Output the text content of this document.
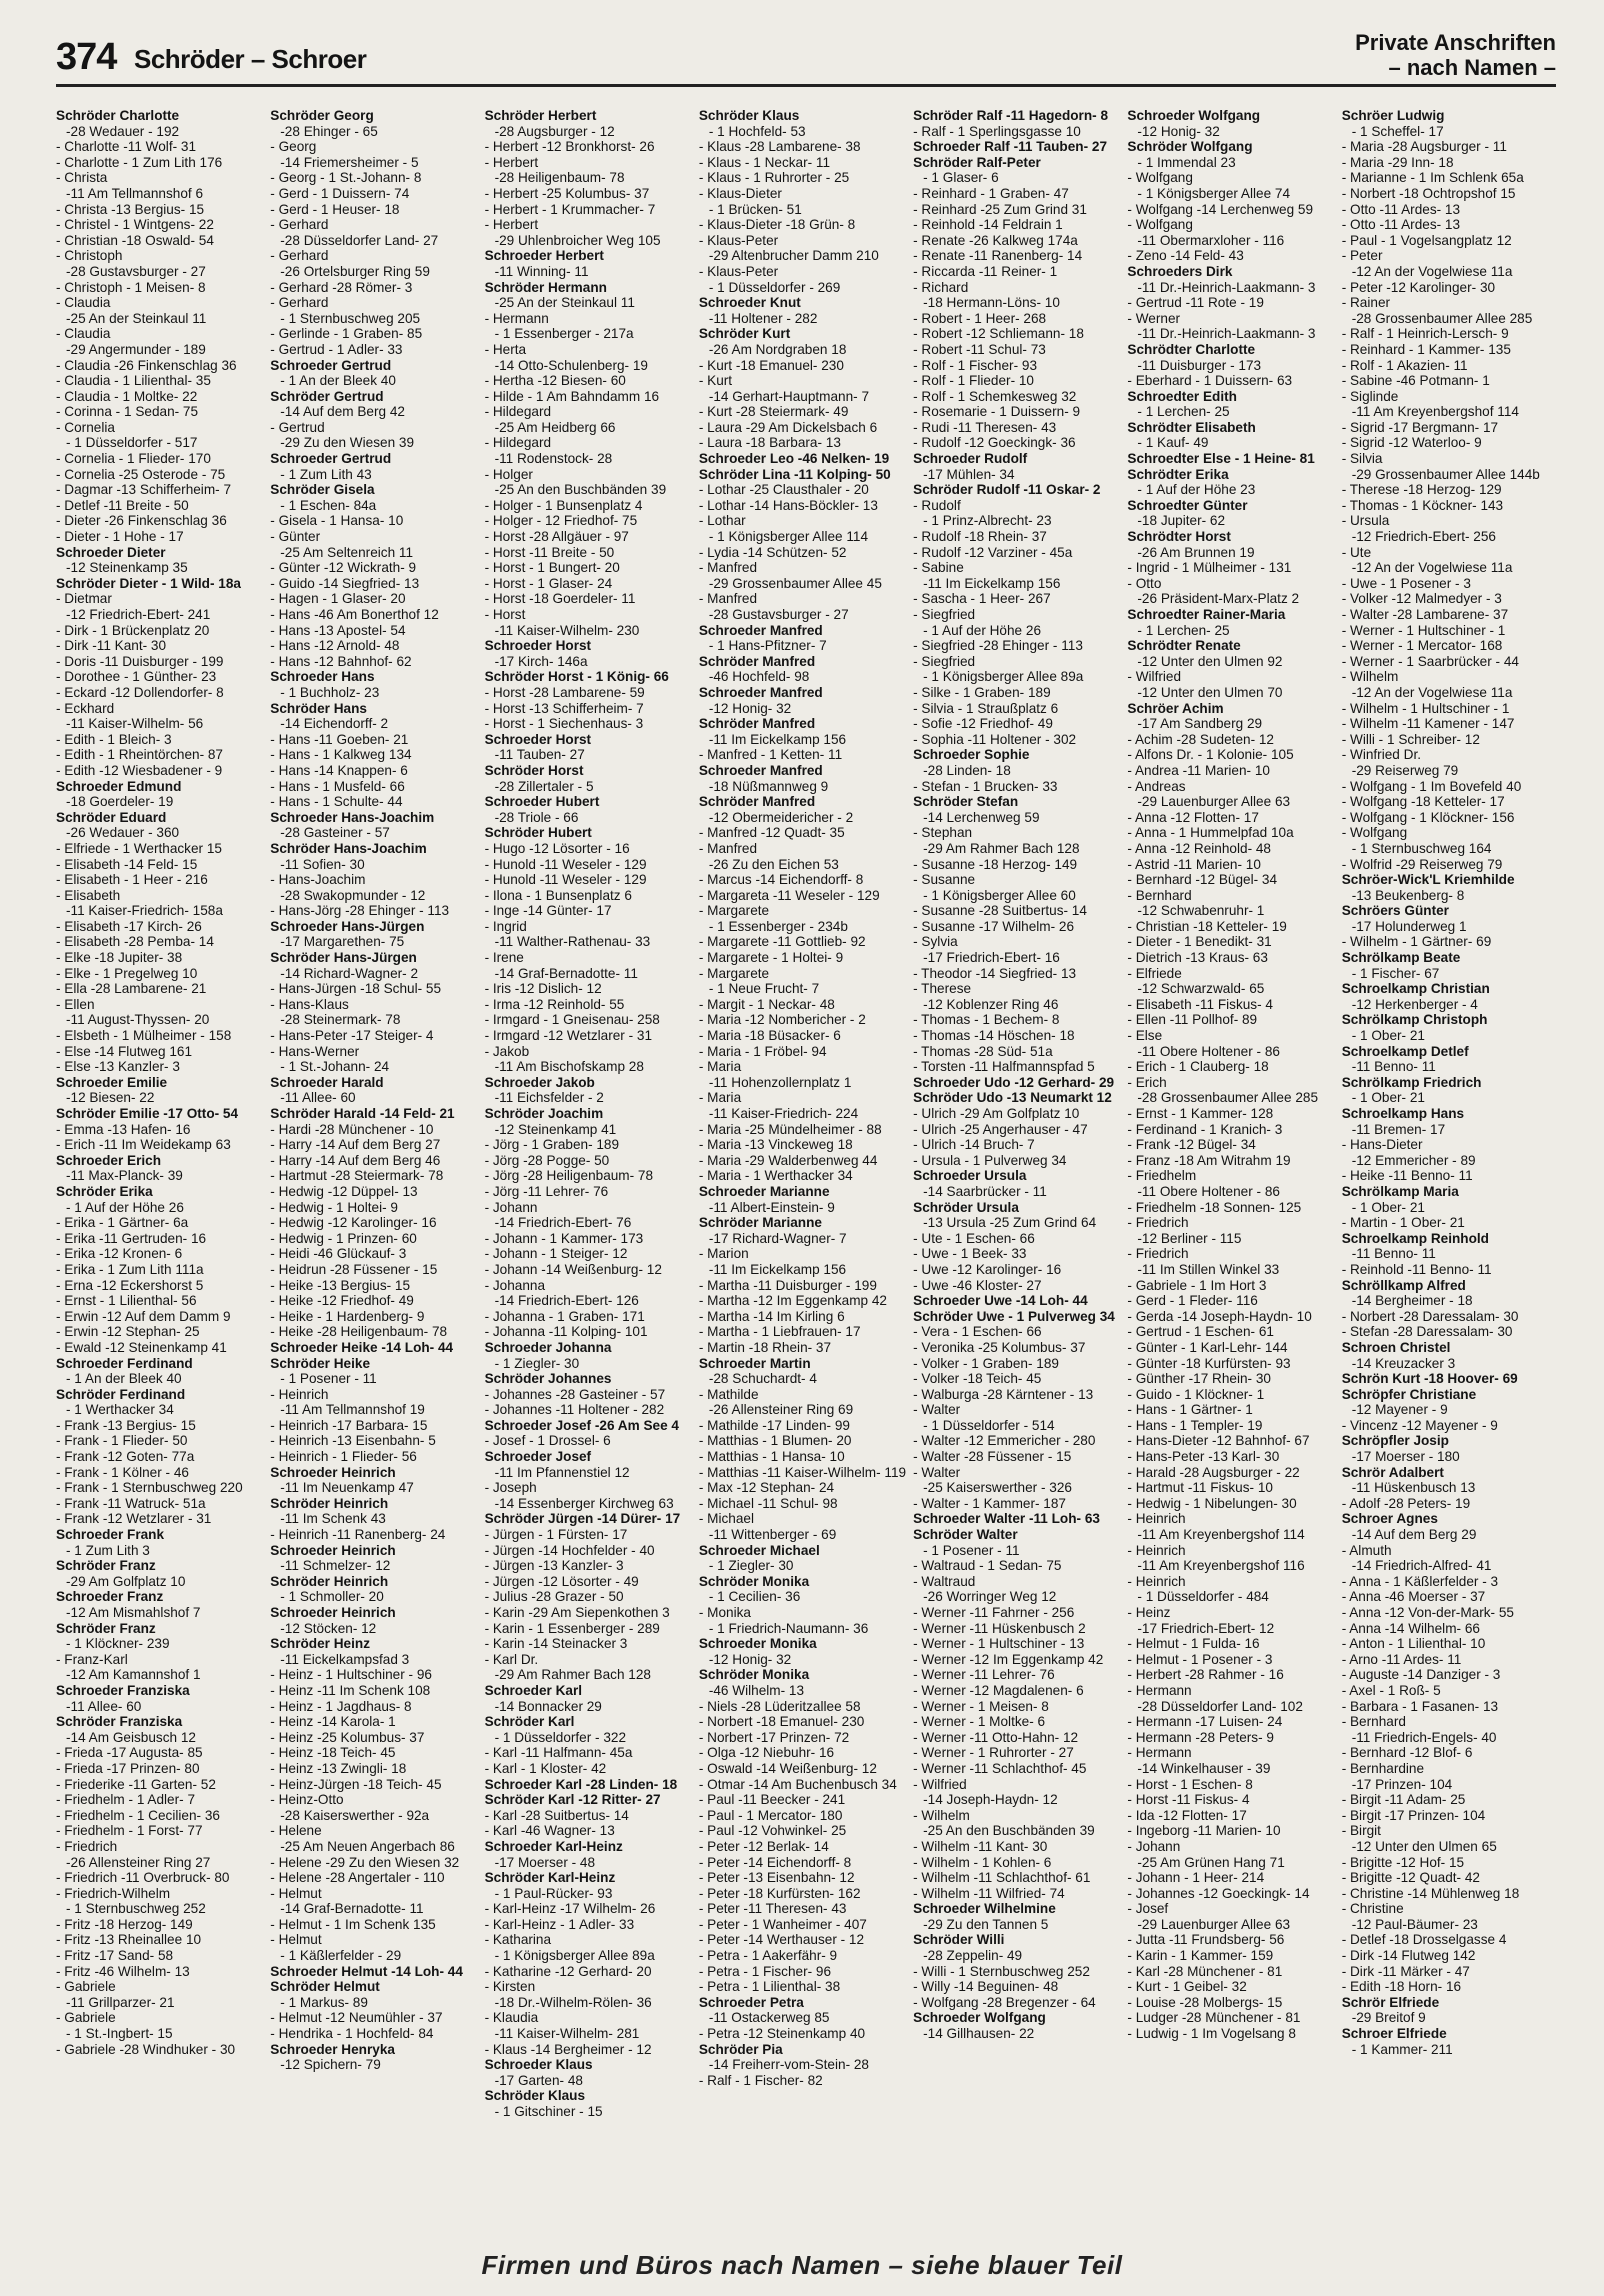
374 Schröder – Schroer
Private Anschriften
– nach Namen –
Schröder Charlotte
-28 Wedauer - 192
- Charlotte -11 Wolf- 31
- Charlotte - 1 Zum Lith 176
- Christa
-11 Am Tellmannshof 6
- Christa -13 Bergius- 15
- Christel - 1 Wintgens- 22
- Christian -18 Oswald- 54
- Christoph
-28 Gustavsburger - 27
- Christoph - 1 Meisen- 8
- Claudia
-25 An der Steinkaul 11
- Claudia
-29 Angermunder - 189
- Claudia -26 Finkenschlag 36
- Claudia - 1 Lilienthal- 35
- Claudia - 1 Moltke- 22
- Corinna - 1 Sedan- 75
- Cornelia
- 1 Düsseldorfer - 517
- Cornelia - 1 Flieder- 170
- Cornelia -25 Osterode - 75
- Dagmar -13 Schifferheim- 7
- Detlef -11 Breite - 50
- Dieter -26 Finkenschlag 36
- Dieter - 1 Hohe - 17
Schroeder Dieter
-12 Steinenkamp 35
Schröder Dieter - 1 Wild- 18a
- Dietmar
-12 Friedrich-Ebert- 241
- Dirk - 1 Brückenplatz 20
- Dirk -11 Kant- 30
- Doris -11 Duisburger - 199
- Dorothee - 1 Günther- 23
- Eckard -12 Dollendorfer- 8
- Eckhard
-11 Kaiser-Wilhelm- 56
- Edith - 1 Bleich- 3
- Edith - 1 Rheintörchen- 87
- Edith -12 Wiesbadener - 9
Schroeder Edmund
-18 Goerdeler- 19
Schröder Eduard
-26 Wedauer - 360
- Elfriede - 1 Werthacker 15
- Elisabeth -14 Feld- 15
- Elisabeth - 1 Heer - 216
- Elisabeth
-11 Kaiser-Friedrich- 158a
- Elisabeth -17 Kirch- 26
- Elisabeth -28 Pemba- 14
- Elke -18 Jupiter- 38
- Elke - 1 Pregelweg 10
- Ella -28 Lambarene- 21
- Ellen
-11 August-Thyssen- 20
- Elsbeth - 1 Mülheimer - 158
- Else -14 Flutweg 161
- Else -13 Kanzler- 3
Schroeder Emilie
-12 Biesen- 22
Schröder Emilie -17 Otto- 54
- Emma -13 Hafen- 16
- Erich -11 Im Weidekamp 63
Schroeder Erich
-11 Max-Planck- 39
Schröder Erika
- 1 Auf der Höhe 26
- Erika - 1 Gärtner- 6a
- Erika -11 Gertruden- 16
- Erika -12 Kronen- 6
- Erika - 1 Zum Lith 111a
- Erna -12 Eckershorst 5
- Ernst - 1 Lilienthal- 56
- Erwin -12 Auf dem Damm 9
- Erwin -12 Stephan- 25
- Ewald -12 Steinenkamp 41
Schroeder Ferdinand
- 1 An der Bleek 40
Schröder Ferdinand
- 1 Werthacker 34
- Frank -13 Bergius- 15
- Frank - 1 Flieder- 50
- Frank -12 Goten- 77a
- Frank - 1 Kölner - 46
- Frank - 1 Sternbuschweg 220
- Frank -11 Watruck- 51a
- Frank -12 Wetzlarer - 31
Schroeder Frank
- 1 Zum Lith 3
Schröder Franz
-29 Am Golfplatz 10
Schroeder Franz
-12 Am Mismahlshof 7
Schröder Franz
- 1 Klöckner- 239
- Franz-Karl
-12 Am Kamannshof 1
Schroeder Franziska
-11 Allee- 60
Schröder Franziska
-14 Am Geisbusch 12
- Frieda -17 Augusta- 85
- Frieda -17 Prinzen- 80
- Friederike -11 Garten- 52
- Friedhelm - 1 Adler- 7
- Friedhelm - 1 Cecilien- 36
- Friedhelm - 1 Forst- 77
- Friedrich
-26 Allensteiner Ring 27
- Friedrich -11 Overbruck- 80
- Friedrich-Wilhelm
- 1 Sternbuschweg 252
- Fritz -18 Herzog- 149
- Fritz -13 Rheinallee 10
- Fritz -17 Sand- 58
- Fritz -46 Wilhelm- 13
- Gabriele
-11 Grillparzer- 21
- Gabriele
- 1 St.-Ingbert- 15
- Gabriele -28 Windhuker - 30
Schröder Georg
-28 Ehinger - 65
- Georg
-14 Friemersheimer - 5
- Georg - 1 St.-Johann- 8
- Gerd - 1 Duissern- 74
- Gerd - 1 Heuser- 18
- Gerhard
-28 Düsseldorfer Land- 27
- Gerhard
-26 Ortelsburger Ring 59
- Gerhard -28 Römer- 3
- Gerhard
- 1 Sternbuschweg 205
- Gerlinde - 1 Graben- 85
- Gertrud - 1 Adler- 33
Schroeder Gertrud
- 1 An der Bleek 40
Schröder Gertrud
-14 Auf dem Berg 42
- Gertrud
-29 Zu den Wiesen 39
Schroeder Gertrud
- 1 Zum Lith 43
Schröder Gisela
- 1 Eschen- 84a
- Gisela - 1 Hansa- 10
- Günter
-25 Am Seltenreich 11
- Günter -12 Wickrath- 9
- Guido -14 Siegfried- 13
- Hagen - 1 Glaser- 20
- Hans -46 Am Bonerthof 12
- Hans -13 Apostel- 54
- Hans -12 Arnold- 48
- Hans -12 Bahnhof- 62
Schroeder Hans
- 1 Buchholz- 23
Schröder Hans
-14 Eichendorff- 2
- Hans -11 Goeben- 21
- Hans - 1 Kalkweg 134
- Hans -14 Knappen- 6
- Hans - 1 Musfeld- 66
- Hans - 1 Schulte- 44
Schroeder Hans-Joachim
-28 Gasteiner - 57
Schröder Hans-Joachim
-11 Sofien- 30
- Hans-Joachim
-28 Swakopmunder - 12
- Hans-Jörg -28 Ehinger - 113
Schroeder Hans-Jürgen
-17 Margarethen- 75
Schröder Hans-Jürgen
-14 Richard-Wagner- 2
- Hans-Jürgen -18 Schul- 55
- Hans-Klaus
-28 Steinermark- 78
- Hans-Peter -17 Steiger- 4
- Hans-Werner
- 1 St.-Johann- 24
Schroeder Harald
-11 Allee- 60
Schröder Harald -14 Feld- 21
- Hardi -28 Münchener - 10
- Harry -14 Auf dem Berg 27
- Harry -14 Auf dem Berg 46
- Hartmut -28 Steiermark- 78
- Hedwig -12 Düppel- 13
- Hedwig - 1 Holtei- 9
- Hedwig -12 Karolinger- 16
- Hedwig - 1 Prinzen- 60
- Heidi -46 Glückauf- 3
- Heidrun -28 Füssener - 15
- Heike -13 Bergius- 15
- Heike -12 Friedhof- 49
- Heike - 1 Hardenberg- 9
- Heike -28 Heiligenbaum- 78
Schroeder Heike -14 Loh- 44
Schröder Heike
- 1 Posener - 11
- Heinrich
-11 Am Tellmannshof 19
- Heinrich -17 Barbara- 15
- Heinrich -13 Eisenbahn- 5
- Heinrich - 1 Flieder- 56
Schroeder Heinrich
-11 Im Neuenkamp 47
Schröder Heinrich
-11 Im Schenk 43
- Heinrich -11 Ranenberg- 24
Schroeder Heinrich
-11 Schmelzer- 12
Schröder Heinrich
- 1 Schmoller- 20
Schroeder Heinrich
-12 Stöcken- 12
Schröder Heinz
-11 Eickelkampsfad 3
- Heinz - 1 Hultschiner - 96
- Heinz -11 Im Schenk 108
- Heinz - 1 Jagdhaus- 8
- Heinz -14 Karola- 1
- Heinz -25 Kolumbus- 37
- Heinz -18 Teich- 45
- Heinz -13 Zwingli- 18
- Heinz-Jürgen -18 Teich- 45
- Heinz-Otto
-28 Kaiserswerther - 92a
- Helene
-25 Am Neuen Angerbach 86
- Helene -29 Zu den Wiesen 32
- Helene -28 Angertaler - 110
- Helmut
-14 Graf-Bernadotte- 11
- Helmut - 1 Im Schenk 135
- Helmut
- 1 Käßlerfelder - 29
Schroeder Helmut -14 Loh- 44
Schröder Helmut
- 1 Markus- 89
- Helmut -12 Neumühler - 37
- Hendrika - 1 Hochfeld- 84
Schroeder Henryka
-12 Spichern- 79
Schröder Herbert
-28 Augsburger - 12
- Herbert -12 Bronkhorst- 26
- Herbert
-28 Heiligenbaum- 78
- Herbert -25 Kolumbus- 37
- Herbert - 1 Krummacher- 7
- Herbert
-29 Uhlenbroicher Weg 105
Schroeder Herbert
-11 Winning- 11
Schröder Hermann
-25 An der Steinkaul 11
- Hermann
- 1 Essenberger - 217a
- Herta
-14 Otto-Schulenberg- 19
- Hertha -12 Biesen- 60
- Hilde - 1 Am Bahndamm 16
- Hildegard
-25 Am Heidberg 66
- Hildegard
-11 Rodenstock- 28
- Holger
-25 An den Buschbänden 39
- Holger - 1 Bunsenplatz 4
- Holger - 12 Friedhof- 75
- Horst -28 Allgäuer - 97
- Horst -11 Breite - 50
- Horst - 1 Bungert- 20
- Horst - 1 Glaser- 24
- Horst -18 Goerdeler- 11
- Horst
-11 Kaiser-Wilhelm- 230
Schroeder Horst
-17 Kirch- 146a
Schröder Horst - 1 König- 66
- Horst -28 Lambarene- 59
- Horst -13 Schifferheim- 7
- Horst - 1 Siechenhaus- 3
Schroeder Horst
-11 Tauben- 27
Schröder Horst
-28 Zillertaler - 5
Schroeder Hubert
-28 Triole - 66
Schröder Hubert
- Hugo -12 Lösorter - 16
- Hunold -11 Weseler - 129
- Hunold -11 Weseler - 129
- Ilona - 1 Bunsenplatz 6
- Inge -14 Günter- 17
- Ingrid
-11 Walther-Rathenau- 33
- Irene
-14 Graf-Bernadotte- 11
- Iris -12 Dislich- 12
- Irma -12 Reinhold- 55
- Irmgard - 1 Gneisenau- 258
- Irmgard -12 Wetzlarer - 31
- Jakob
-11 Am Bischofskamp 28
Schroeder Jakob
-11 Eichsfelder - 2
Schröder Joachim
-12 Steinenkamp 41
- Jörg - 1 Graben- 189
- Jörg -28 Pogge- 50
- Jörg -28 Heiligenbaum- 78
- Jörg -11 Lehrer- 76
- Johann
-14 Friedrich-Ebert- 76
- Johann - 1 Kammer- 173
- Johann - 1 Steiger- 12
- Johann -14 Weißenburg- 12
- Johanna
-14 Friedrich-Ebert- 126
- Johanna - 1 Graben- 171
- Johanna -11 Kolping- 101
Schroeder Johanna
- 1 Ziegler- 30
Schröder Johannes
- Johannes -28 Gasteiner - 57
- Johannes -11 Holtener - 282
Schroeder Josef -26 Am See 4
- Josef - 1 Drossel- 6
Schroeder Josef
-11 Im Pfannenstiel 12
- Joseph
-14 Essenberger Kirchweg 63
Schröder Jürgen -14 Dürer- 17
- Jürgen - 1 Fürsten- 17
- Jürgen -14 Hochfelder - 40
- Jürgen -13 Kanzler- 3
- Jürgen -12 Lösorter - 49
- Julius -28 Grazer - 50
- Karin -29 Am Siepenkothen 3
- Karin - 1 Essenberger - 289
- Karin -14 Steinacker 3
- Karl Dr.
-29 Am Rahmer Bach 128
Schroeder Karl
-14 Bonnacker 29
Schröder Karl
- 1 Düsseldorfer - 322
- Karl -11 Halfmann- 45a
- Karl - 1 Kloster- 42
Schroeder Karl -28 Linden- 18
Schröder Karl -12 Ritter- 27
- Karl -28 Suitbertus- 14
- Karl -46 Wagner- 13
Schroeder Karl-Heinz
-17 Moerser - 48
Schröder Karl-Heinz
- 1 Paul-Rücker- 93
- Karl-Heinz -17 Wilhelm- 26
- Karl-Heinz - 1 Adler- 33
- Katharina
- 1 Königsberger Allee 89a
- Katharine -12 Gerhard- 20
- Kirsten
-18 Dr.-Wilhelm-Rölen- 36
- Klaudia
-11 Kaiser-Wilhelm- 281
- Klaus -14 Bergheimer - 12
Schroeder Klaus
-17 Garten- 48
Schröder Klaus
- 1 Gitschiner - 15
Schröder Klaus
- 1 Hochfeld- 53
- Klaus -28 Lambarene- 38
- Klaus - 1 Neckar- 11
- Klaus - 1 Ruhrorter - 25
- Klaus-Dieter
- 1 Brücken- 51
- Klaus-Dieter -18 Grün- 8
- Klaus-Peter
-29 Altenbrucher Damm 210
- Klaus-Peter
- 1 Düsseldorfer - 269
Schroeder Knut
-11 Holtener - 282
Schröder Kurt
-26 Am Nordgraben 18
- Kurt -18 Emanuel- 230
- Kurt
-14 Gerhart-Hauptmann- 7
- Kurt -28 Steiermark- 49
- Laura -29 Am Dickelsbach 6
- Laura -18 Barbara- 13
Schroeder Leo -46 Nelken- 19
Schröder Lina -11 Kolping- 50
- Lothar -25 Clausthaler - 20
- Lothar -14 Hans-Böckler- 13
- Lothar
- 1 Königsberger Allee 114
- Lydia -14 Schützen- 52
- Manfred
-29 Grossenbaumer Allee 45
- Manfred
-28 Gustavsburger - 27
Schroeder Manfred
- 1 Hans-Pfitzner- 7
Schröder Manfred
-46 Hochfeld- 98
Schroeder Manfred
-12 Honig- 32
Schröder Manfred
-11 Im Eickelkamp 156
- Manfred - 1 Ketten- 11
Schroeder Manfred
-18 Nüßmannweg 9
Schröder Manfred
-12 Obermeidericher - 2
- Manfred -12 Quadt- 35
- Manfred
-26 Zu den Eichen 53
- Marcus -14 Eichendorff- 8
- Margareta -11 Weseler - 129
- Margarete
- 1 Essenberger - 234b
- Margarete -11 Gottlieb- 92
- Margarete - 1 Holtei- 9
- Margarete
- 1 Neue Frucht- 7
- Margit - 1 Neckar- 48
- Maria -12 Nombericher - 2
- Maria -18 Büsacker- 6
- Maria - 1 Fröbel- 94
- Maria
-11 Hohenzollernplatz 1
- Maria
-11 Kaiser-Friedrich- 224
- Maria -25 Mündelheimer - 88
- Maria -13 Vinckeweg 18
- Maria -29 Walderbenweg 44
- Maria - 1 Werthacker 34
Schroeder Marianne
-11 Albert-Einstein- 9
Schröder Marianne
-17 Richard-Wagner- 7
- Marion
-11 Im Eickelkamp 156
- Martha -11 Duisburger - 199
- Martha -12 Im Eggenkamp 42
- Martha -14 Im Kirling 6
- Martha - 1 Liebfrauen- 17
- Martin -18 Rhein- 37
Schroeder Martin
-28 Schuchardt- 4
- Mathilde
-26 Allensteiner Ring 69
- Mathilde -17 Linden- 99
- Matthias - 1 Blumen- 20
- Matthias - 1 Hansa- 10
- Matthias -11 Kaiser-Wilhelm- 119
- Max -12 Stephan- 24
- Michael -11 Schul- 98
- Michael
-11 Wittenberger - 69
Schroeder Michael
- 1 Ziegler- 30
Schröder Monika
- 1 Cecilien- 36
- Monika
- 1 Friedrich-Naumann- 36
Schroeder Monika
-12 Honig- 32
Schröder Monika
-46 Wilhelm- 13
- Niels -28 Lüderitzallee 58
- Norbert -18 Emanuel- 230
- Norbert -17 Prinzen- 72
- Olga -12 Niebuhr- 16
- Oswald -14 Weißenburg- 12
- Otmar -14 Am Buchenbusch 34
- Paul -11 Beecker - 241
- Paul - 1 Mercator- 180
- Paul -12 Vohwinkel- 25
- Peter -12 Berlak- 14
- Peter -14 Eichendorff- 8
- Peter -13 Eisenbahn- 12
- Peter -18 Kurfürsten- 162
- Peter -11 Theresen- 43
- Peter - 1 Wanheimer - 407
- Peter -14 Werthauser - 12
- Petra - 1 Aakerfähr- 9
- Petra - 1 Fischer- 96
- Petra - 1 Lilienthal- 38
Schroeder Petra
-11 Ostackerweg 85
- Petra -12 Steinenkamp 40
Schröder Pia
-14 Freiherr-vom-Stein- 28
- Ralf - 1 Fischer- 82
Schröder Ralf -11 Hagedorn- 8
- Ralf - 1 Sperlingsgasse 10
Schroeder Ralf -11 Tauben- 27
Schröder Ralf-Peter
- 1 Glaser- 6
- Reinhard - 1 Graben- 47
- Reinhard -25 Zum Grind 31
- Reinhold -14 Feldrain 1
- Renate -26 Kalkweg 174a
- Renate -11 Ranenberg- 14
- Riccarda -11 Reiner- 1
- Richard
-18 Hermann-Löns- 10
- Robert - 1 Heer- 268
- Robert -12 Schliemann- 18
- Robert -11 Schul- 73
- Rolf - 1 Fischer- 93
- Rolf - 1 Flieder- 10
- Rolf - 1 Schemkesweg 32
- Rosemarie - 1 Duissern- 9
- Rudi -11 Theresen- 43
- Rudolf -12 Goeckingk- 36
Schroeder Rudolf
-17 Mühlen- 34
Schröder Rudolf -11 Oskar- 2
- Rudolf
- 1 Prinz-Albrecht- 23
- Rudolf -18 Rhein- 37
- Rudolf -12 Varziner - 45a
- Sabine
-11 Im Eickelkamp 156
- Sascha - 1 Heer- 267
- Siegfried
- 1 Auf der Höhe 26
- Siegfried -28 Ehinger - 113
- Siegfried
- 1 Königsberger Allee 89a
- Silke - 1 Graben- 189
- Silvia - 1 Straußplatz 6
- Sofie -12 Friedhof- 49
- Sophia -11 Holtener - 302
Schroeder Sophie
-28 Linden- 18
- Stefan - 1 Brucken- 33
Schröder Stefan
-14 Lerchenweg 59
- Stephan
-29 Am Rahmer Bach 128
- Susanne -18 Herzog- 149
- Susanne
- 1 Königsberger Allee 60
- Susanne -28 Suitbertus- 14
- Susanne -17 Wilhelm- 26
- Sylvia
-17 Friedrich-Ebert- 16
- Theodor -14 Siegfried- 13
- Therese
-12 Koblenzer Ring 46
- Thomas - 1 Bechem- 8
- Thomas -14 Höschen- 18
- Thomas -28 Süd- 51a
- Torsten -11 Halfmannspfad 5
Schroeder Udo -12 Gerhard- 29
Schröder Udo -13 Neumarkt 12
- Ulrich -29 Am Golfplatz 10
- Ulrich -25 Angerhauser - 47
- Ulrich -14 Bruch- 7
- Ursula - 1 Pulverweg 34
Schroeder Ursula
-14 Saarbrücker - 11
Schröder Ursula
-13 Ursula -25 Zum Grind 64
- Ute - 1 Eschen- 66
- Uwe - 1 Beek- 33
- Uwe -12 Karolinger- 16
- Uwe -46 Kloster- 27
Schroeder Uwe -14 Loh- 44
Schröder Uwe - 1 Pulverweg 34
- Vera - 1 Eschen- 66
- Veronika -25 Kolumbus- 37
- Volker - 1 Graben- 189
- Volker -18 Teich- 45
- Walburga -28 Kärntener - 13
- Walter
- 1 Düsseldorfer - 514
- Walter -12 Emmericher - 280
- Walter -28 Füssener - 15
- Walter
-25 Kaiserswerther - 326
- Walter - 1 Kammer- 187
Schroeder Walter -11 Loh- 63
Schröder Walter
- 1 Posener - 11
- Waltraud - 1 Sedan- 75
- Waltraud
-26 Worringer Weg 12
- Werner -11 Fahrner - 256
- Werner -11 Hüskenbusch 2
- Werner - 1 Hultschiner - 13
- Werner -12 Im Eggenkamp 42
- Werner -11 Lehrer- 76
- Werner -12 Magdalenen- 6
- Werner - 1 Meisen- 8
- Werner - 1 Moltke- 6
- Werner -11 Otto-Hahn- 12
- Werner - 1 Ruhrorter - 27
- Werner -11 Schlachthof- 45
- Wilfried
-14 Joseph-Haydn- 12
- Wilhelm
-25 An den Buschbänden 39
- Wilhelm -11 Kant- 30
- Wilhelm - 1 Kohlen- 6
- Wilhelm -11 Schlachthof- 61
- Wilhelm -11 Wilfried- 74
Schroeder Wilhelmine
-29 Zu den Tannen 5
Schröder Willi
-28 Zeppelin- 49
- Willi - 1 Sternbuschweg 252
- Willy -14 Beguinen- 48
- Wolfgang -28 Bregenzer - 64
Schroeder Wolfgang
-14 Gillhausen- 22
Schroeder Wolfgang
-12 Honig- 32
Schröder Wolfgang
- 1 Immendal 23
- Wolfgang
- 1 Königsberger Allee 74
- Wolfgang -14 Lerchenweg 59
- Wolfgang
-11 Obermarxloher - 116
- Zeno -14 Feld- 43
Schroeders Dirk
-11 Dr.-Heinrich-Laakmann- 3
- Gertrud -11 Rote - 19
- Werner
-11 Dr.-Heinrich-Laakmann- 3
Schrödter Charlotte
-11 Duisburger - 173
- Eberhard - 1 Duissern- 63
Schroedter Edith
- 1 Lerchen- 25
Schrödter Elisabeth
- 1 Kauf- 49
Schroedter Else - 1 Heine- 81
Schrödter Erika
- 1 Auf der Höhe 23
Schroedter Günter
-18 Jupiter- 62
Schrödter Horst
-26 Am Brunnen 19
- Ingrid - 1 Mülheimer - 131
- Otto
-26 Präsident-Marx-Platz 2
Schroedter Rainer-Maria
- 1 Lerchen- 25
Schrödter Renate
-12 Unter den Ulmen 92
- Wilfried
-12 Unter den Ulmen 70
Schröer Achim
-17 Am Sandberg 29
- Achim -28 Sudeten- 12
- Alfons Dr. - 1 Kolonie- 105
- Andrea -11 Marien- 10
- Andreas
-29 Lauenburger Allee 63
- Anna -12 Flotten- 17
- Anna - 1 Hummelpfad 10a
- Anna -12 Reinhold- 48
- Astrid -11 Marien- 10
- Bernhard -12 Bügel- 34
- Bernhard
-12 Schwabenruhr- 1
- Christian -18 Ketteler- 19
- Dieter - 1 Benedikt- 31
- Dietrich -13 Kraus- 63
- Elfriede
-12 Schwarzwald- 65
- Elisabeth -11 Fiskus- 4
- Ellen -11 Pollhof- 89
- Else
-11 Obere Holtener - 86
- Erich - 1 Clauberg- 18
- Erich
-28 Grossenbaumer Allee 285
- Ernst - 1 Kammer- 128
- Ferdinand - 1 Kranich- 3
- Frank -12 Bügel- 34
- Franz -18 Am Witrahm 19
- Friedhelm
-11 Obere Holtener - 86
- Friedhelm -18 Sonnen- 125
- Friedrich
-12 Berliner - 115
- Friedrich
-11 Im Stillen Winkel 33
- Gabriele - 1 Im Hort 3
- Gerd - 1 Fleder- 116
- Gerda -14 Joseph-Haydn- 10
- Gertrud - 1 Eschen- 61
- Günter - 1 Karl-Lehr- 144
- Günter -18 Kurfürsten- 93
- Günther -17 Rhein- 30
- Guido - 1 Klöckner- 1
- Hans - 1 Gärtner- 1
- Hans - 1 Templer- 19
- Hans-Dieter -12 Bahnhof- 67
- Hans-Peter -13 Karl- 30
- Harald -28 Augsburger - 22
- Hartmut -11 Fiskus- 10
- Hedwig - 1 Nibelungen- 30
- Heinrich
-11 Am Kreyenbergshof 114
- Heinrich
-11 Am Kreyenbergshof 116
- Heinrich
- 1 Düsseldorfer - 484
- Heinz
-17 Friedrich-Ebert- 12
- Helmut - 1 Fulda- 16
- Helmut - 1 Posener - 3
- Herbert -28 Rahmer - 16
- Hermann
-28 Düsseldorfer Land- 102
- Hermann -17 Luisen- 24
- Hermann -28 Peters- 9
- Hermann
-14 Winkelhauser - 39
- Horst - 1 Eschen- 8
- Horst -11 Fiskus- 4
- Ida -12 Flotten- 17
- Ingeborg -11 Marien- 10
- Johann
-25 Am Grünen Hang 71
- Johann - 1 Heer- 214
- Johannes -12 Goeckingk- 14
- Josef
-29 Lauenburger Allee 63
- Jutta -11 Frundsberg- 56
- Karin - 1 Kammer- 159
- Karl -28 Münchener - 81
- Kurt - 1 Geibel- 32
- Louise -28 Molbergs- 15
- Ludger -28 Münchener - 81
- Ludwig - 1 Im Vogelsang 8
Schröer Ludwig
- 1 Scheffel- 17
- Maria -28 Augsburger - 11
- Maria -29 Inn- 18
- Marianne - 1 Im Schlenk 65a
- Norbert -18 Ochtropshof 15
- Otto -11 Ardes- 13
- Otto -11 Ardes- 13
- Paul - 1 Vogelsangplatz 12
- Peter
-12 An der Vogelwiese 11a
- Peter -12 Karolinger- 30
- Rainer
-28 Grossenbaumer Allee 285
- Ralf - 1 Heinrich-Lersch- 9
- Reinhard - 1 Kammer- 135
- Rolf - 1 Akazien- 11
- Sabine -46 Potmann- 1
- Siglinde
-11 Am Kreyenbergshof 114
- Sigrid -17 Bergmann- 17
- Sigrid -12 Waterloo- 9
- Silvia
-29 Grossenbaumer Allee 144b
- Therese -18 Herzog- 129
- Thomas - 1 Köckner- 143
- Ursula
-12 Friedrich-Ebert- 256
- Ute
-12 An der Vogelwiese 11a
- Uwe - 1 Posener - 3
- Volker -12 Malmedyer - 3
- Walter -28 Lambarene- 37
- Werner - 1 Hultschiner - 1
- Werner - 1 Mercator- 168
- Werner - 1 Saarbrücker - 44
- Wilhelm
-12 An der Vogelwiese 11a
- Wilhelm - 1 Hultschiner - 1
- Wilhelm -11 Kamener - 147
- Willi - 1 Schreiber- 12
- Winfried Dr.
-29 Reiserweg 79
- Wolfgang - 1 Im Bovefeld 40
- Wolfgang -18 Ketteler- 17
- Wolfgang - 1 Klöckner- 156
- Wolfgang
- 1 Sternbuschweg 164
- Wolfrid -29 Reiserweg 79
Schröer-Wick'L Kriemhilde
-13 Beukenberg- 8
Schröers Günter
-17 Holunderweg 1
- Wilhelm - 1 Gärtner- 69
Schrölkamp Beate
- 1 Fischer- 67
Schroelkamp Christian
-12 Herkenberger - 4
Schrölkamp Christoph
- 1 Ober- 21
Schroelkamp Detlef
-11 Benno- 11
Schrölkamp Friedrich
- 1 Ober- 21
Schroelkamp Hans
-11 Bremen- 17
- Hans-Dieter
-12 Emmericher - 89
- Heike -11 Benno- 11
Schrölkamp Maria
- 1 Ober- 21
- Martin - 1 Ober- 21
Schroelkamp Reinhold
-11 Benno- 11
- Reinhold -11 Benno- 11
Schröllkamp Alfred
-14 Bergheimer - 18
- Norbert -28 Daressalam- 30
- Stefan -28 Daressalam- 30
Schroen Christel
-14 Kreuzacker 3
Schrön Kurt -18 Hoover- 69
Schröpfer Christiane
-12 Mayener - 9
- Vincenz -12 Mayener - 9
Schröpfler Josip
-17 Moerser - 180
Schrör Adalbert
-11 Hüskenbusch 13
- Adolf -28 Peters- 19
Schroer Agnes
-14 Auf dem Berg 29
- Almuth
-14 Friedrich-Alfred- 41
- Anna - 1 Käßlerfelder - 3
- Anna -46 Moerser - 37
- Anna -12 Von-der-Mark- 55
- Anna -14 Wilhelm- 66
- Anton - 1 Lilienthal- 10
- Arno -11 Ardes- 11
- Auguste -14 Danziger - 3
- Axel - 1 Roß- 5
- Barbara - 1 Fasanen- 13
- Bernhard
-11 Friedrich-Engels- 40
- Bernhard -12 Blof- 6
- Bernhardine
-17 Prinzen- 104
- Birgit -11 Adam- 25
- Birgit -17 Prinzen- 104
- Birgit
-12 Unter den Ulmen 65
- Brigitte -12 Hof- 15
- Brigitte -12 Quadt- 42
- Christine -14 Mühlenweg 18
- Christine
-12 Paul-Bäumer- 23
- Detlef -18 Drosselgasse 4
- Dirk -14 Flutweg 142
- Dirk -11 Märker - 47
- Edith -18 Horn- 16
Schrör Elfriede
-29 Breitof 9
Schroer Elfriede
- 1 Kammer- 211
Firmen und Büros nach Namen – siehe blauer Teil
